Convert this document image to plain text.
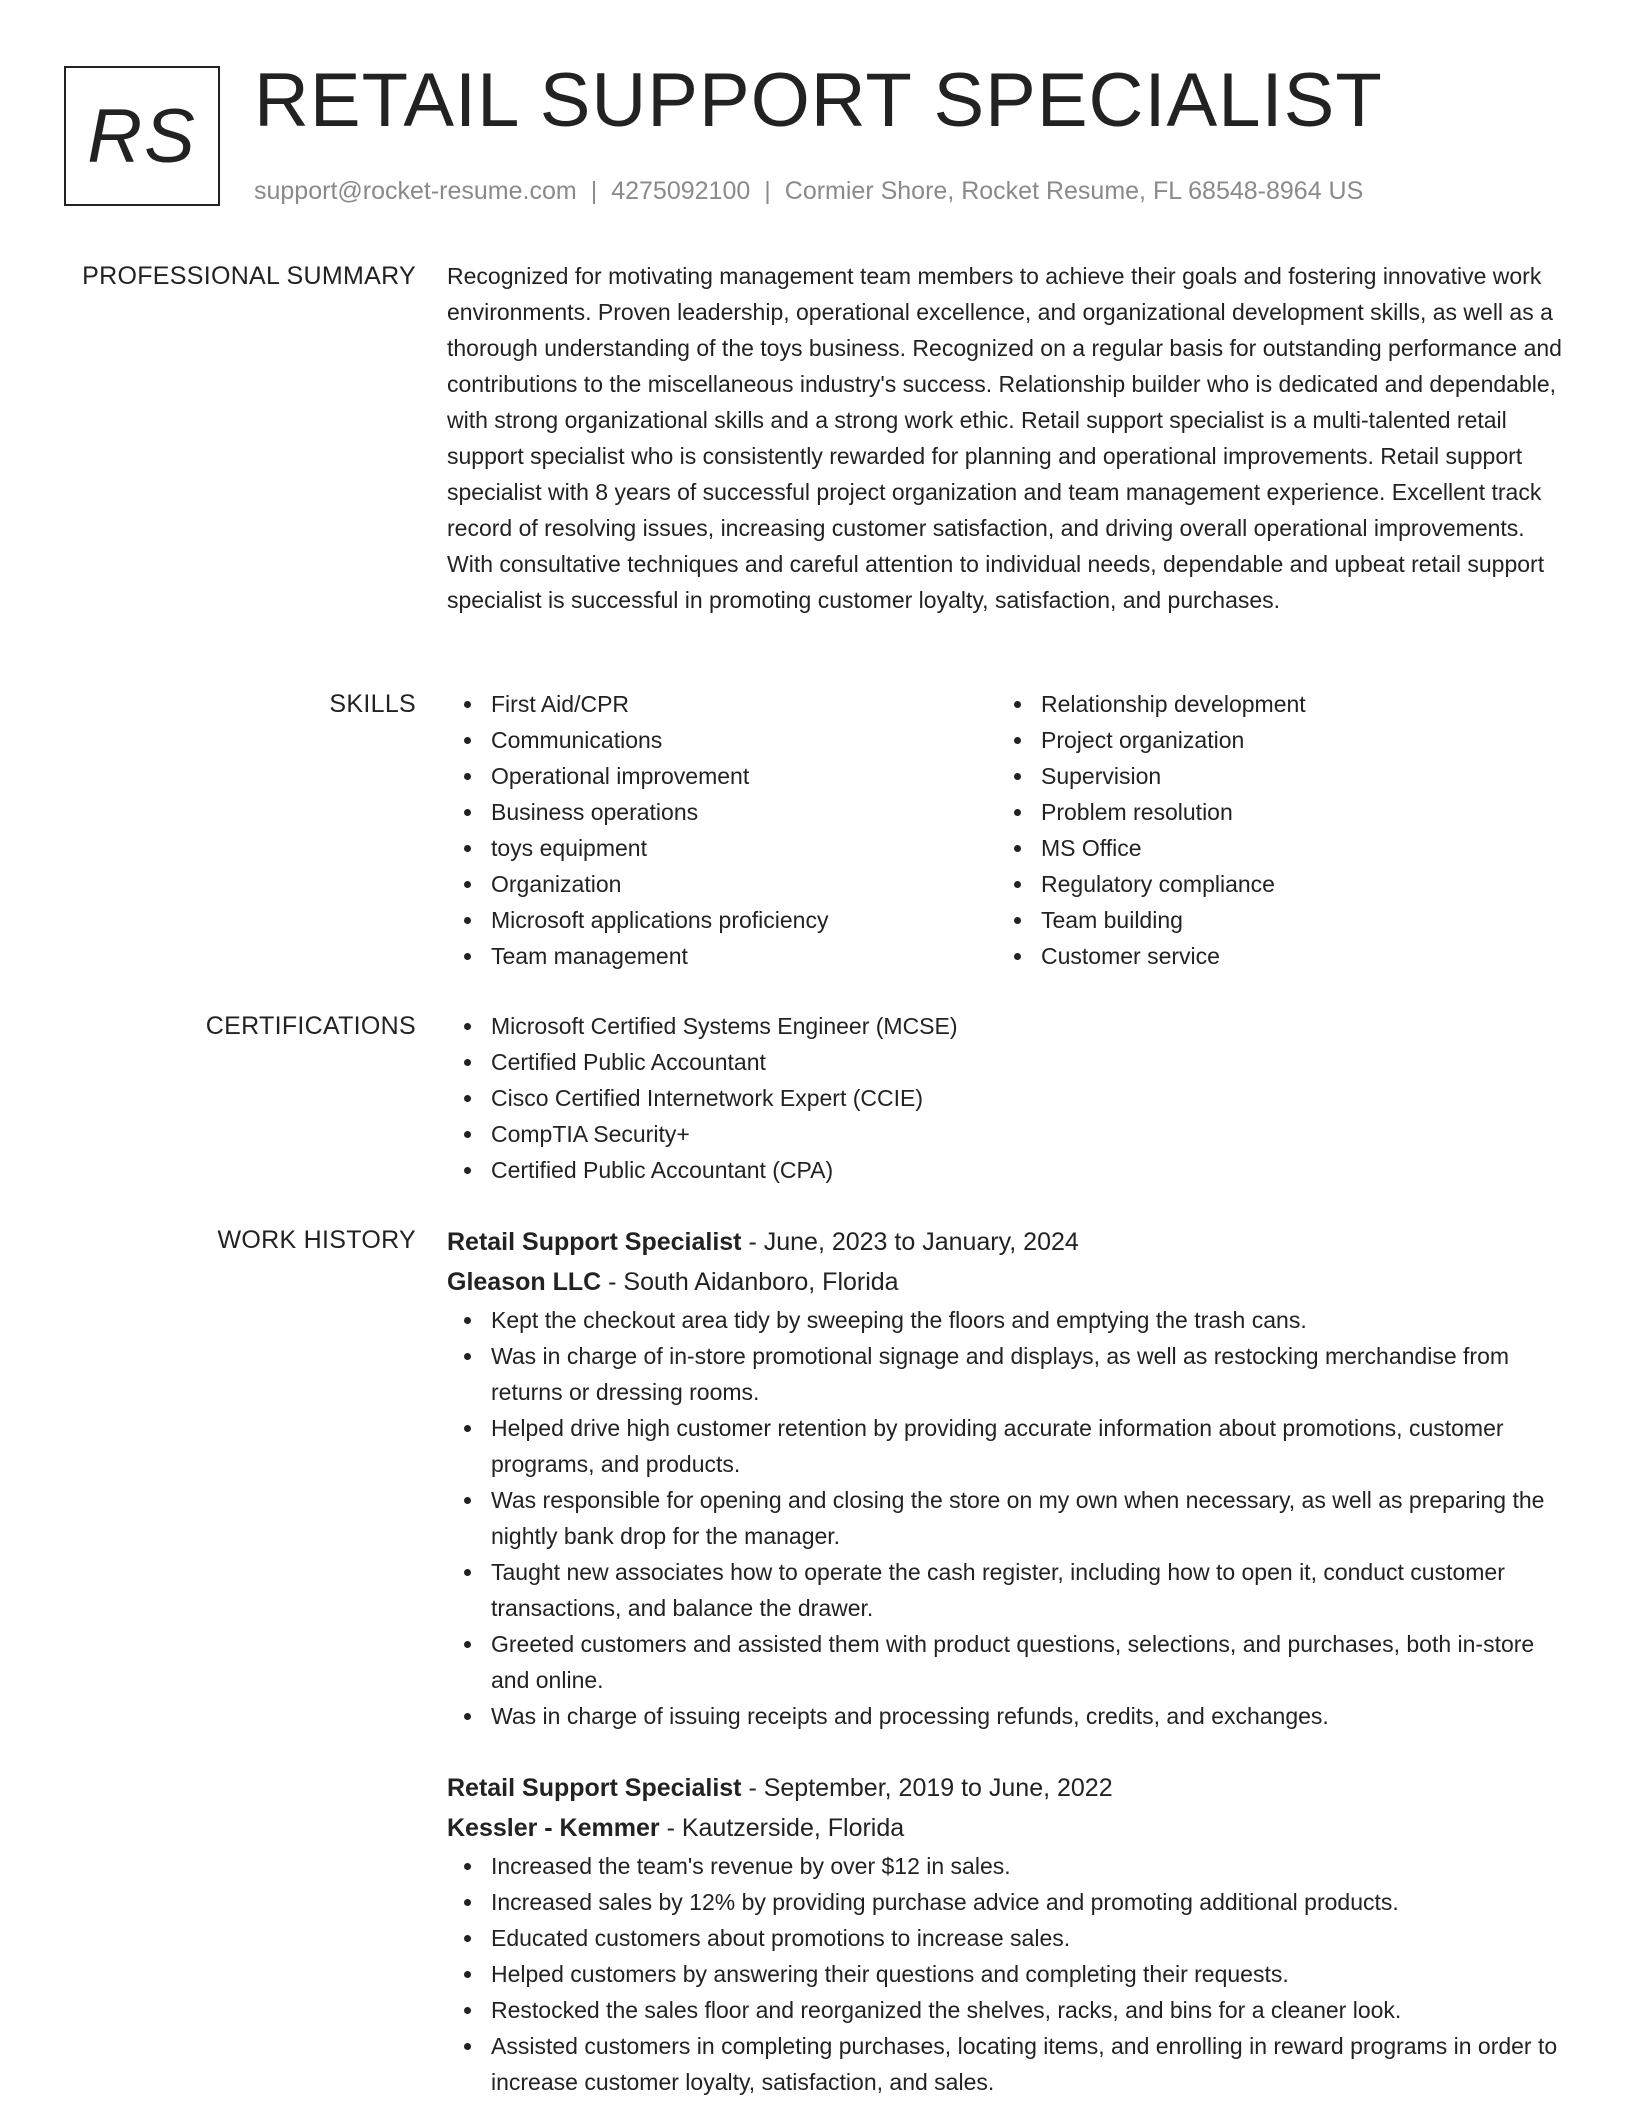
RS RETAIL SUPPORT SPECIALIST
support@rocket-resume.com | 4275092100 | Cormier Shore, Rocket Resume, FL 68548-8964 US
PROFESSIONAL SUMMARY Recognized for motivating management team members to achieve their goals and fostering innovative work environments. Proven leadership, operational excellence, and organizational development skills, as well as a thorough understanding of the toys business. Recognized on a regular basis for outstanding performance and contributions to the miscellaneous industry's success. Relationship builder who is dedicated and dependable, with strong organizational skills and a strong work ethic. Retail support specialist is a multi-talented retail support specialist who is consistently rewarded for planning and operational improvements. Retail support specialist with 8 years of successful project organization and team management experience. Excellent track record of resolving issues, increasing customer satisfaction, and driving overall operational improvements. With consultative techniques and careful attention to individual needs, dependable and upbeat retail support specialist is successful in promoting customer loyalty, satisfaction, and purchases.

SKILLS	First Aid/CPR
Communications
Operational improvement
Business operations
toys equipment
Organization
Microsoft applications proficiency
Team management
Relationship development
Project organization
Supervision
Problem resolution
MS Office
Regulatory compliance
Team building
Customer service
CERTIFICATIONS	Microsoft Certified Systems Engineer (MCSE)
Certified Public Accountant
Cisco Certified Internetwork Expert (CCIE)
CompTIA Security+
Certified Public Accountant (CPA)
WORK HISTORY Retail Support Specialist - June, 2023 to January, 2024
Gleason LLC - South Aidanboro, Florida
Kept the checkout area tidy by sweeping the floors and emptying the trash cans.
Was in charge of in-store promotional signage and displays, as well as restocking merchandise from returns or dressing rooms.
Helped drive high customer retention by providing accurate information about promotions, customer programs, and products.
Was responsible for opening and closing the store on my own when necessary, as well as preparing the nightly bank drop for the manager.
Taught new associates how to operate the cash register, including how to open it, conduct customer transactions, and balance the drawer.
Greeted customers and assisted them with product questions, selections, and purchases, both in-store and online.
Was in charge of issuing receipts and processing refunds, credits, and exchanges.
Retail Support Specialist - September, 2019 to June, 2022
Kessler - Kemmer - Kautzerside, Florida
Increased the team's revenue by over $12 in sales.
Increased sales by 12% by providing purchase advice and promoting additional products.
Educated customers about promotions to increase sales.
Helped customers by answering their questions and completing their requests.
Restocked the sales floor and reorganized the shelves, racks, and bins for a cleaner look.
Assisted customers in completing purchases, locating items, and enrolling in reward programs in order to increase customer loyalty, satisfaction, and sales.
